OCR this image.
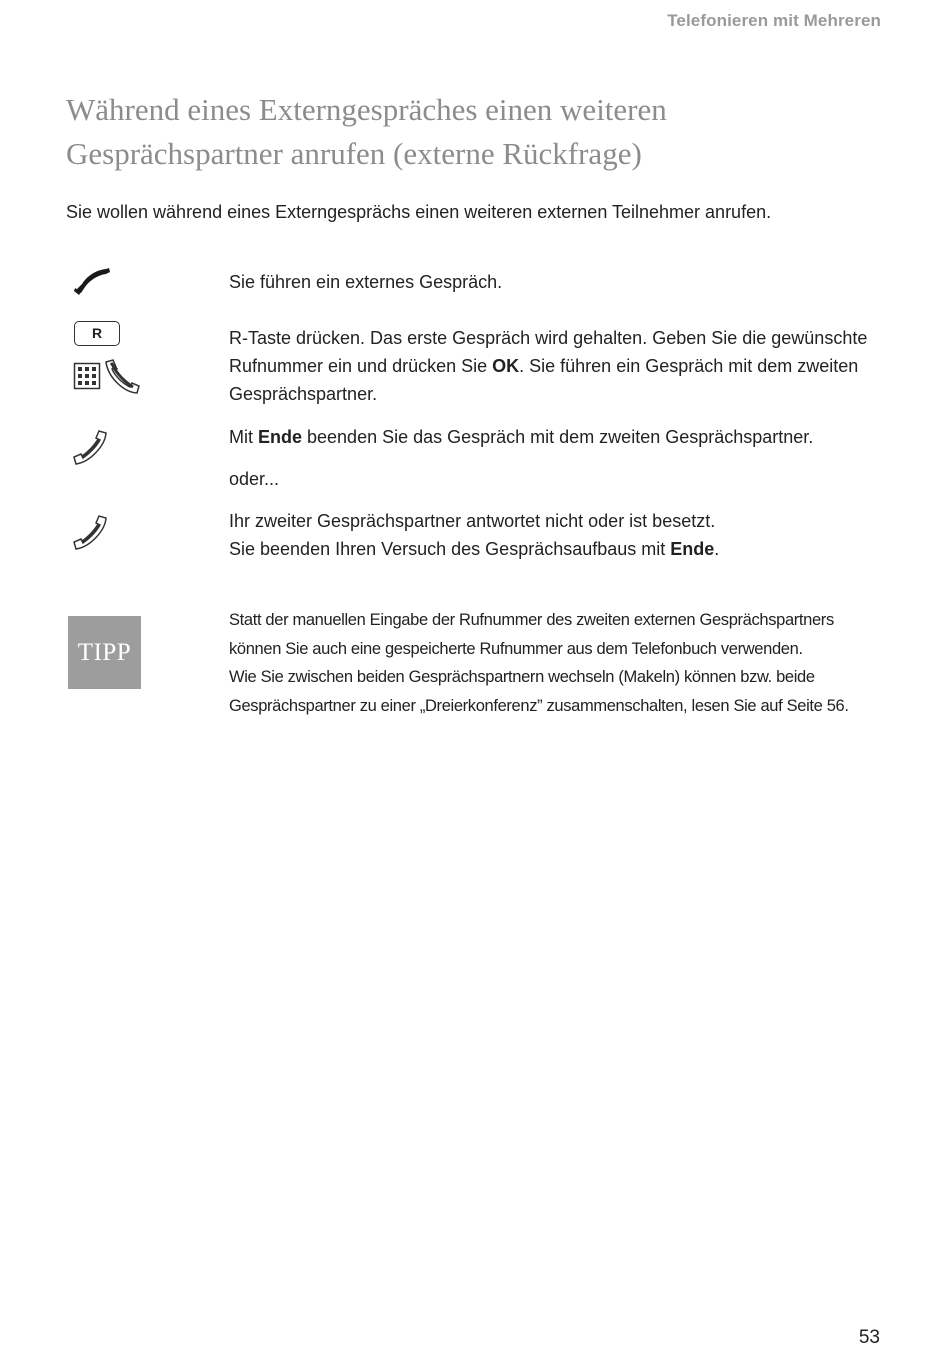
Telefonieren mit Mehreren
Während eines Externgespräches einen weiteren
Gesprächspartner anrufen (externe Rückfrage)
Sie wollen während eines Externgesprächs einen weiteren externen Teilnehmer anrufen.
Sie führen ein externes Gespräch.
R	R-Taste drücken. Das erste Gespräch wird gehalten. Geben Sie die gewünschte
Rufnummer ein und drücken Sie OK. Sie führen ein Gespräch mit dem zweiten
Gesprächspartner.
Mit Ende beenden Sie das Gespräch mit dem zweiten Gesprächspartner.
oder...
Ihr zweiter Gesprächspartner antwortet nicht oder ist besetzt.
Sie beenden Ihren Versuch des Gesprächsaufbaus mit Ende.
TIPP
Statt der manuellen Eingabe der Rufnummer des zweiten externen Gesprächspartners
können Sie auch eine gespeicherte Rufnummer aus dem Telefonbuch verwenden.
Wie Sie zwischen beiden Gesprächspartnern wechseln (Makeln) können bzw. beide
Gesprächspartner zu einer „Dreierkonferenz” zusammenschalten, lesen Sie auf Seite 56.
53
